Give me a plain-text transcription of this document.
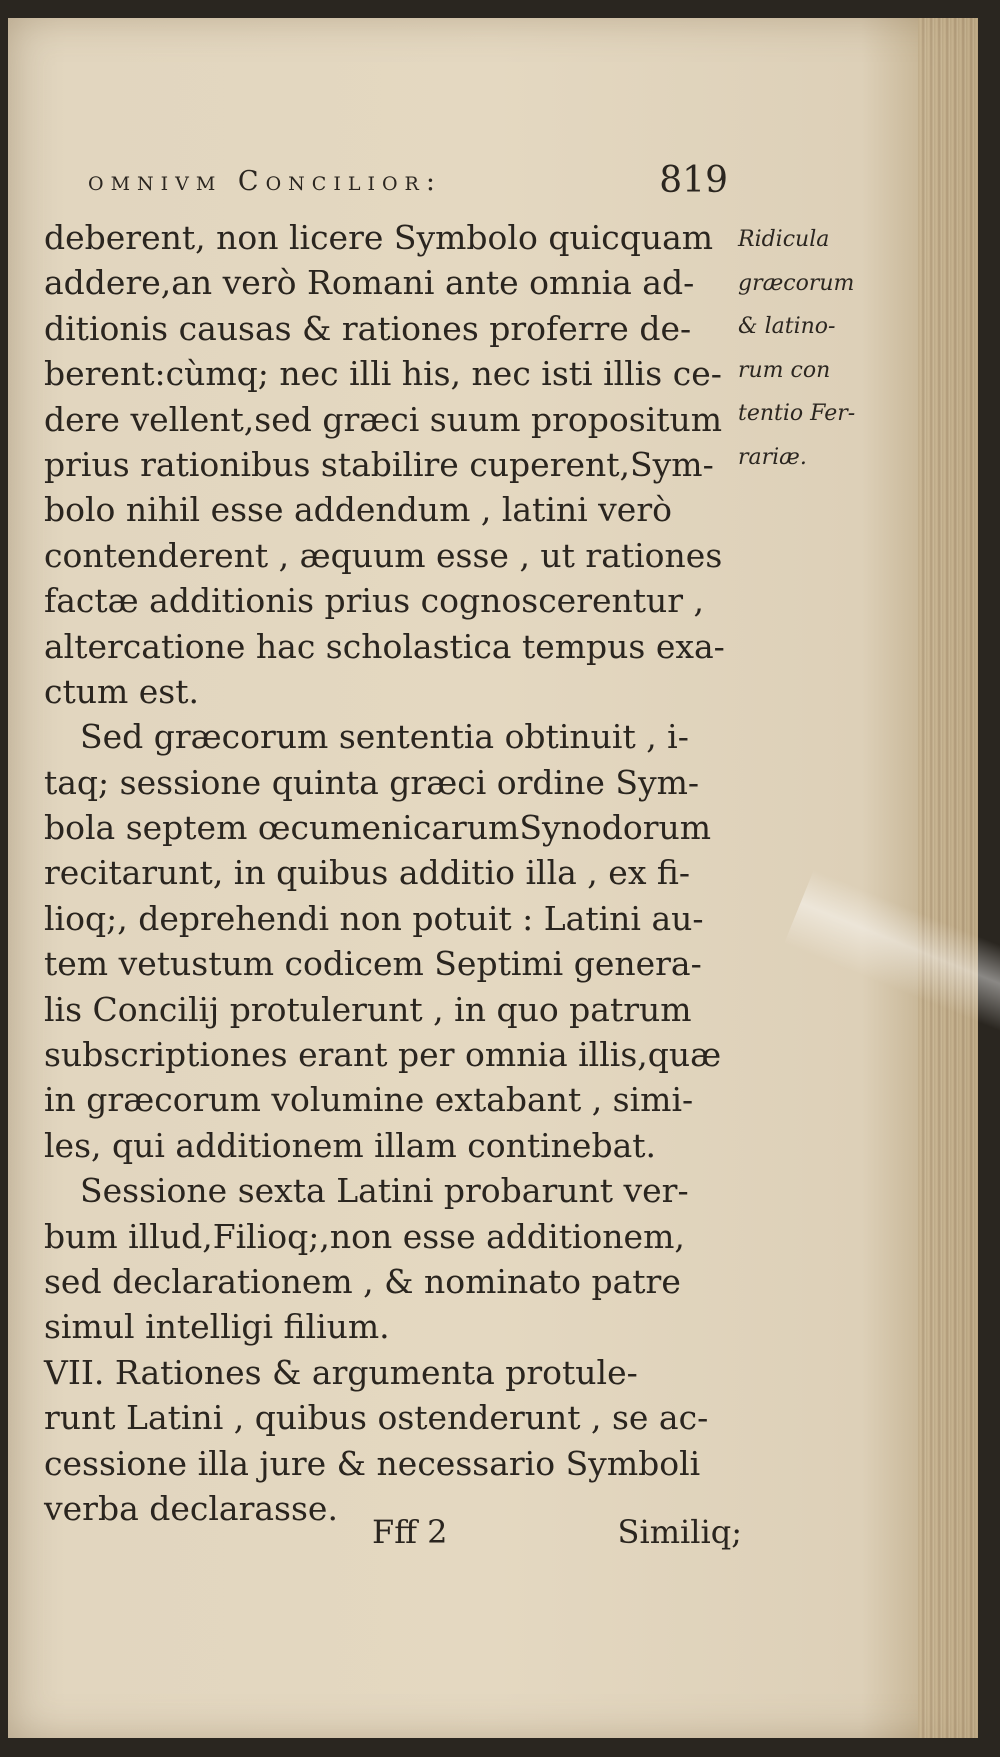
omnivm Concilior:	819
deberent, non licere Symbolo quicquam
addere,an verò Romani ante omnia ad-
ditionis causas & rationes proferre de-
berent:cùmq; nec illi his, nec isti illis ce-
dere vellent,sed græci suum propositum
prius rationibus stabilire cuperent,Sym-
bolo nihil esse addendum , latini verò
contenderent , æquum esse , ut rationes
factæ additionis prius cognoscerentur ,
altercatione hac scholastica tempus exa-
ctum est.
Sed græcorum sententia obtinuit , i-
taq; sessione quinta græci ordine Sym-
bola septem œcumenicarumSynodorum
recitarunt, in quibus additio illa , ex fi-
lioq;, deprehendi non potuit : Latini au-
tem vetustum codicem Septimi genera-
lis Concilij protulerunt , in quo patrum
subscriptiones erant per omnia illis,quæ
in græcorum volumine extabant , simi-
les, qui additionem illam continebat.
Sessione sexta Latini probarunt ver-
bum illud,Filioq;,non esse additionem,
sed declarationem , & nominato patre
simul intelligi filium.
VII. Rationes & argumenta protule-
runt Latini , quibus ostenderunt , se ac-
cessione illa jure & necessario Symboli
verba declarasse.
Ridicula
græcorum
& latino-
rum con
tentio Fer-
rariæ.
Fff 2	Similiq;
